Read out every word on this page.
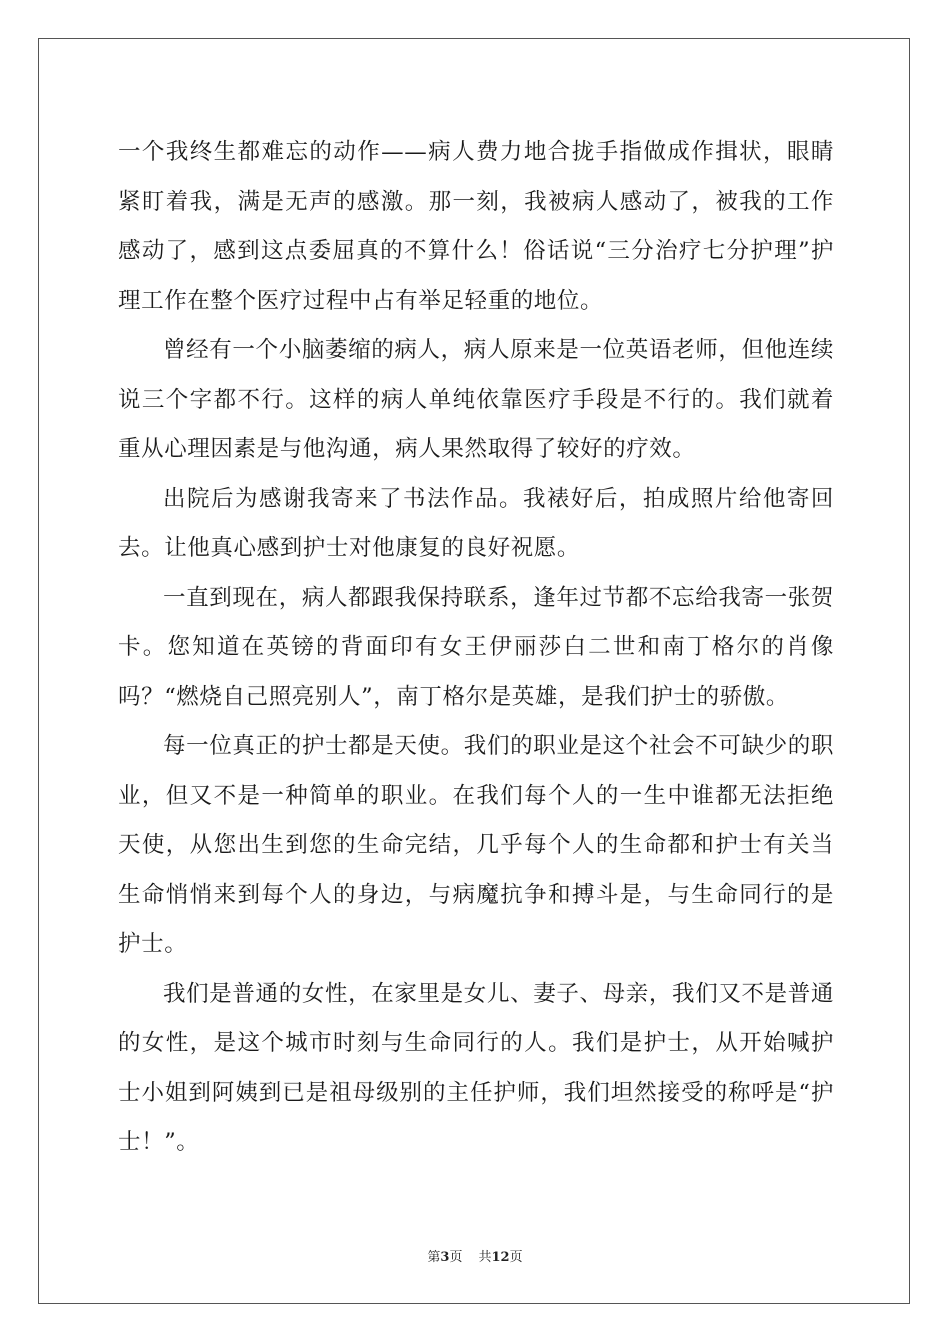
一个我终生都难忘的动作——病人费力地合拢手指做成作揖状，眼睛紧盯着我，满是无声的感激。那一刻，我被病人感动了，被我的工作感动了，感到这点委屈真的不算什么！俗话说“三分治疗七分护理”护理工作在整个医疗过程中占有举足轻重的地位。

曾经有一个小脑萎缩的病人，病人原来是一位英语老师，但他连续说三个字都不行。这样的病人单纯依靠医疗手段是不行的。我们就着重从心理因素是与他沟通，病人果然取得了较好的疗效。

出院后为感谢我寄来了书法作品。我裱好后，拍成照片给他寄回去。让他真心感到护士对他康复的良好祝愿。

一直到现在，病人都跟我保持联系，逢年过节都不忘给我寄一张贺卡。您知道在英镑的背面印有女王伊丽莎白二世和南丁格尔的肖像吗？“燃烧自己照亮别人”，南丁格尔是英雄，是我们护士的骄傲。

每一位真正的护士都是天使。我们的职业是这个社会不可缺少的职业，但又不是一种简单的职业。在我们每个人的一生中谁都无法拒绝天使，从您出生到您的生命完结，几乎每个人的生命都和护士有关当生命悄悄来到每个人的身边，与病魔抗争和搏斗是，与生命同行的是护士。

我们是普通的女性，在家里是女儿、妻子、母亲，我们又不是普通的女性，是这个城市时刻与生命同行的人。我们是护士，从开始喊护士小姐到阿姨到已是祖母级别的主任护师，我们坦然接受的称呼是“护士！”。

第3页 共12页
